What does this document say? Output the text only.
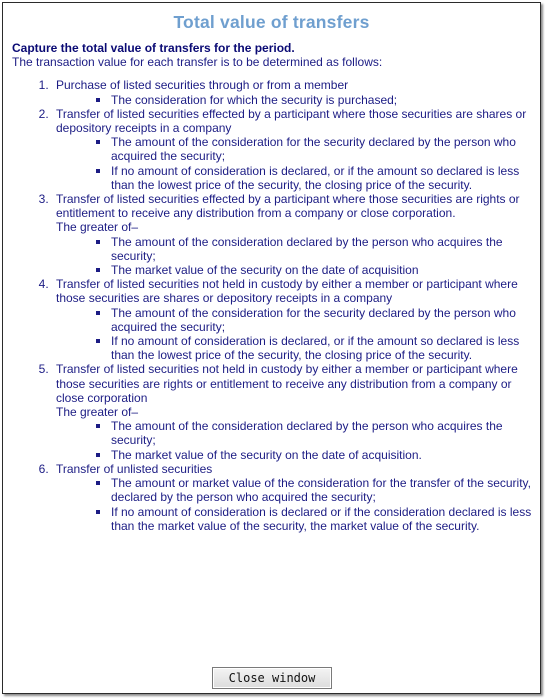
Total value of transfers
Capture the total value of transfers for the period.
The transaction value for each transfer is to be determined as follows:
1. Purchase of listed securities through or from a member
The consideration for which the security is purchased;
2. Transfer of listed securities effected by a participant where those securities are shares or depository receipts in a company
The amount of the consideration for the security declared by the person who acquired the security;
If no amount of consideration is declared, or if the amount so declared is less than the lowest price of the security, the closing price of the security.
3. Transfer of listed securities effected by a participant where those securities are rights or entitlement to receive any distribution from a company or close corporation.
The greater of–
The amount of the consideration declared by the person who acquires the security;
The market value of the security on the date of acquisition
4. Transfer of listed securities not held in custody by either a member or participant where those securities are shares or depository receipts in a company
The amount of the consideration for the security declared by the person who acquired the security;
If no amount of consideration is declared, or if the amount so declared is less than the lowest price of the security, the closing price of the security.
5. Transfer of listed securities not held in custody by either a member or participant where those securities are rights or entitlement to receive any distribution from a company or close corporation
The greater of–
The amount of the consideration declared by the person who acquires the security;
The market value of the security on the date of acquisition.
6. Transfer of unlisted securities
The amount or market value of the consideration for the transfer of the security, declared by the person who acquired the security;
If no amount of consideration is declared or if the consideration declared is less than the market value of the security, the market value of the security.
Close window
